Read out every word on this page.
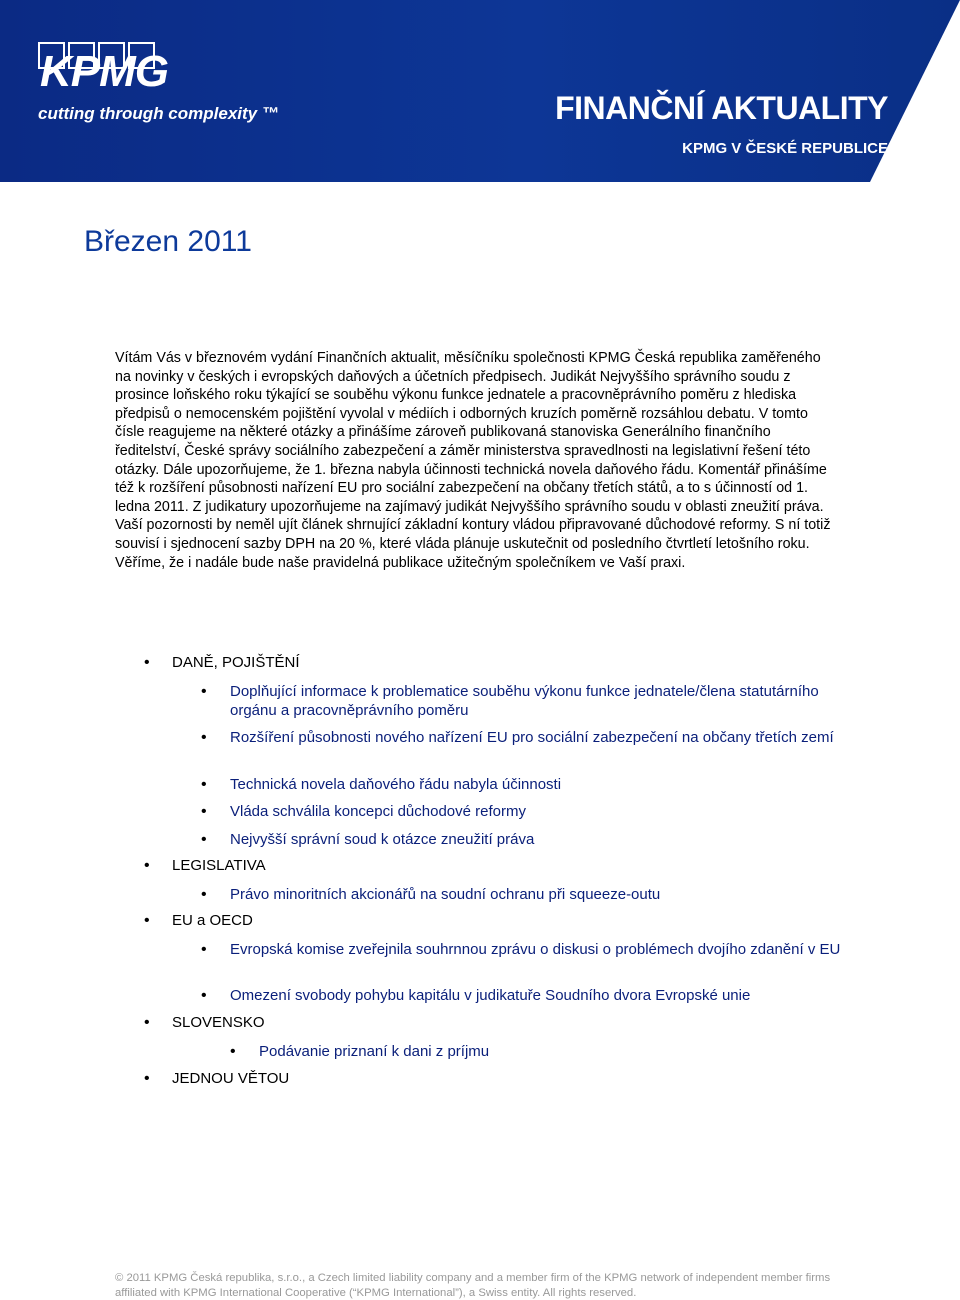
KPMG
cutting through complexity ™	FINANČNÍ AKTUALITY
KPMG V ČESKÉ REPUBLICE
Březen 2011
Vítám Vás v březnovém vydání Finančních aktualit, měsíčníku společnosti KPMG Česká republika zaměřeného na novinky v českých i evropských daňových a účetních předpisech. Judikát Nejvyššího správního soudu z prosince loňského roku týkající se souběhu výkonu funkce jednatele a pracovněprávního poměru z hlediska předpisů o nemocenském pojištění vyvolal v médiích i odborných kruzích poměrně rozsáhlou debatu. V tomto čísle reagujeme na některé otázky a přinášíme zároveň publikovaná stanoviska Generálního finančního ředitelství, České správy sociálního zabezpečení a záměr ministerstva spravedlnosti na legislativní řešení této otázky. Dále upozorňujeme, že 1. března nabyla účinnosti technická novela daňového řádu. Komentář přinášíme též k rozšíření působnosti nařízení EU pro sociální zabezpečení na občany třetích států, a to s účinností od 1. ledna 2011. Z judikatury upozorňujeme na zajímavý judikát Nejvyššího správního soudu v oblasti zneužití práva. Vaší pozornosti by neměl ujít článek shrnující základní kontury vládou připravované důchodové reformy. S ní totiž souvisí i sjednocení sazby DPH na 20 %, které vláda plánuje uskutečnit od posledního čtvrtletí letošního roku. Věříme, že i nadále bude naše pravidelná publikace užitečným společníkem ve Vaší praxi.
• DANĚ, POJIŠTĚNÍ
• Doplňující informace k problematice souběhu výkonu funkce jednatele/člena statutárního orgánu a pracovněprávního poměru
• Rozšíření působnosti nového nařízení EU pro sociální zabezpečení na občany třetích zemí
• Technická novela daňového řádu nabyla účinnosti
• Vláda schválila koncepci důchodové reformy
• Nejvyšší správní soud k otázce zneužití práva
• LEGISLATIVA
• Právo minoritních akcionářů na soudní ochranu při squeeze-outu
• EU a OECD
• Evropská komise zveřejnila souhrnnou zprávu o diskusi o problémech dvojího zdanění v EU
• Omezení svobody pohybu kapitálu v judikatuře Soudního dvora Evropské unie
• SLOVENSKO
• Podávanie priznaní k dani z príjmu
• JEDNOU VĚTOU
© 2011 KPMG Česká republika, s.r.o., a Czech limited liability company and a member firm of the KPMG network of independent member firms affiliated with KPMG International Cooperative (“KPMG International”), a Swiss entity. All rights reserved.
